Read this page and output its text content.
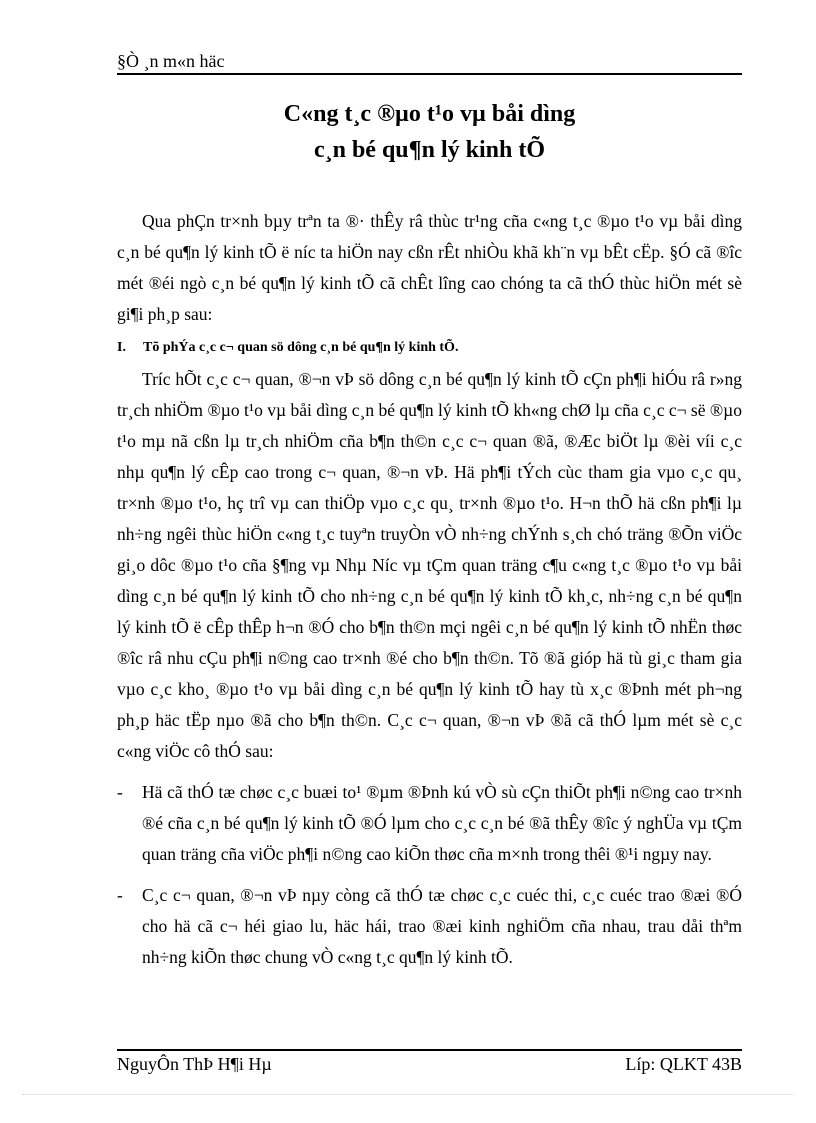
§Ò ¸n m«n häc
C«ng t¸c ®µo t¹o vµ båi dìng
c¸n bé qu¶n lý kinh tÕ

Qua phÇn tr×nh bµy trªn ta ®· thÊy râ thùc tr¹ng cña c«ng t¸c ®µo t¹o vµ båi dìng c¸n bé qu¶n lý kinh tÕ ë níc ta hiÖn nay cßn rÊt nhiÒu khã kh¨n vµ bÊt cËp. §Ó cã ®îc mét ®éi ngò c¸n bé qu¶n lý kinh tÕ cã chÊt lîng cao chóng ta cã thÓ thùc hiÖn mét sè gi¶i ph¸p sau:

I.	Tõ phÝa c¸c c¬ quan sö dông c¸n bé qu¶n lý kinh tÕ.

Tríc hÕt c¸c c¬ quan, ®¬n vÞ sö dông c¸n bé qu¶n lý kinh tÕ cÇn ph¶i hiÓu râ r»ng tr¸ch nhiÖm ®µo t¹o vµ båi dìng c¸n bé qu¶n lý kinh tÕ kh«ng chØ lµ cña c¸c c¬ së ®µo t¹o mµ nã cßn lµ tr¸ch nhiÖm cña b¶n th©n c¸c c¬ quan ®ã, ®Æc biÖt lµ ®èi víi c¸c nhµ qu¶n lý cÊp cao trong c¬ quan, ®¬n vÞ. Hä ph¶i tÝch cùc tham gia vµo c¸c qu¸ tr×nh ®µo t¹o, hç trî vµ can thiÖp vµo c¸c qu¸ tr×nh ®µo t¹o. H¬n thÕ hä cßn ph¶i lµ nh÷ng ngêi thùc hiÖn c«ng t¸c tuyªn truyÒn vÒ nh÷ng chÝnh s¸ch chó träng ®Õn viÖc gi¸o dôc ®µo t¹o cña §¶ng vµ Nhµ Níc vµ tÇm quan träng c¶u c«ng t¸c ®µo t¹o vµ båi dìng c¸n bé qu¶n lý kinh tÕ cho nh÷ng c¸n bé qu¶n lý kinh tÕ kh¸c, nh÷ng c¸n bé qu¶n lý kinh tÕ ë cÊp thÊp h¬n ®Ó cho b¶n th©n mçi ngêi c¸n bé qu¶n lý kinh tÕ nhËn thøc ®îc râ nhu cÇu ph¶i n©ng cao tr×nh ®é cho b¶n th©n. Tõ ®ã gióp hä tù gi¸c tham gia vµo c¸c kho¸ ®µo t¹o vµ båi dìng c¸n bé qu¶n lý kinh tÕ hay tù x¸c ®Þnh mét ph¬ng ph¸p häc tËp nµo ®ã cho b¶n th©n. C¸c c¬ quan, ®¬n vÞ ®ã cã thÓ lµm mét sè c¸c c«ng viÖc cô thÓ sau:

-	Hä cã thÓ tæ chøc c¸c buæi to¹ ®µm ®Þnh kú vÒ sù cÇn thiÕt ph¶i n©ng cao tr×nh ®é cña c¸n bé qu¶n lý kinh tÕ ®Ó lµm cho c¸c c¸n bé ®ã thÊy ®îc ý nghÜa vµ tÇm quan träng cña viÖc ph¶i n©ng cao kiÕn thøc cña m×nh trong thêi ®¹i ngµy nay.
-	C¸c c¬ quan, ®¬n vÞ nµy còng cã thÓ tæ chøc c¸c cuéc thi, c¸c cuéc trao ®æi ®Ó cho hä cã c¬ héi giao lu, häc hái, trao ®æi kinh nghiÖm cña nhau, trau dåi thªm nh÷ng kiÕn thøc chung vÒ c«ng t¸c qu¶n lý kinh tÕ.
NguyÔn ThÞ H¶i Hµ	Líp: QLKT 43B
